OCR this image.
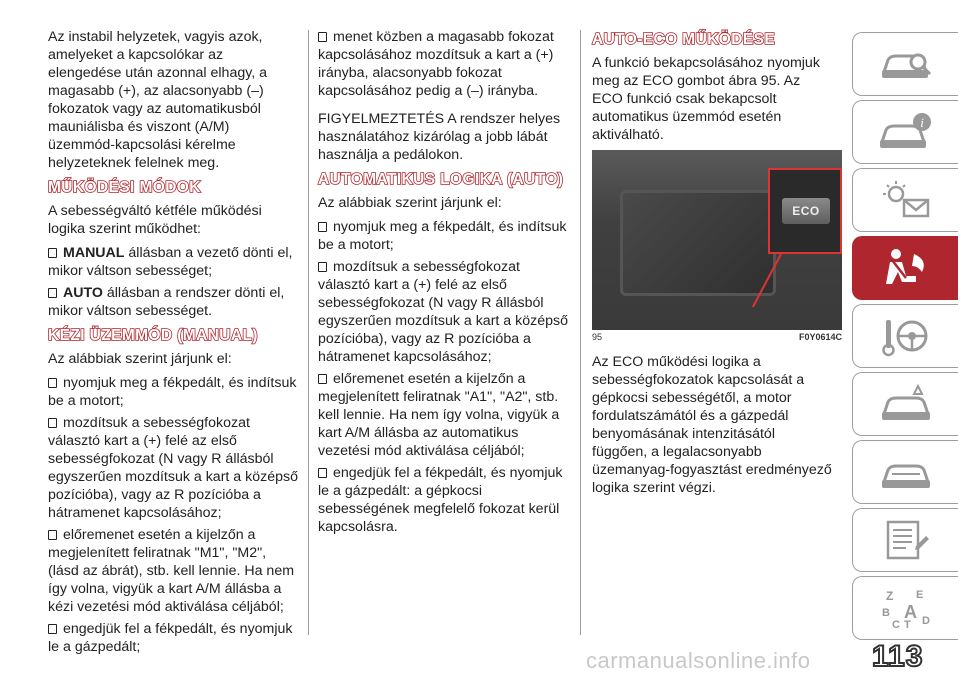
Az instabil helyzetek, vagyis azok, amelyeket a kapcsolókar az elengedése után azonnal elhagy, a magasabb (+), az alacsonyabb (–) fokozatok vagy az automatikusból mauniálisba és viszont (A/M) üzemmód-kapcsolási kérelme helyzeteknek felelnek meg.

MŰKÖDÉSI MÓDOK

A sebességváltó kétféle működési logika szerint működhet:

MANUAL állásban a vezető dönti el, mikor váltson sebességet;

AUTO állásban a rendszer dönti el, mikor váltson sebességet.

KÉZI ÜZEMMÓD (MANUAL)

Az alábbiak szerint járjunk el:

nyomjuk meg a fékpedált, és indítsuk be a motort;

mozdítsuk a sebességfokozat választó kart a (+) felé az első sebességfokozat (N vagy R állásból egyszerűen mozdítsuk a kart a középső pozícióba), vagy az R pozícióba a hátramenet kapcsolásához;

előremenet esetén a kijelzőn a megjelenített feliratnak "M1", "M2", (lásd az ábrát), stb. kell lennie. Ha nem így volna, vigyük a kart A/M állásba a kézi vezetési mód aktiválása céljából;

engedjük fel a fékpedált, és nyomjuk le a gázpedált;

menet közben a magasabb fokozat kapcsolásához mozdítsuk a kart a (+) irányba, alacsonyabb fokozat kapcsolásához pedig a (–) irányba.

FIGYELMEZTETÉS A rendszer helyes használatához kizárólag a jobb lábát használja a pedálokon.

AUTOMATIKUS LOGIKA (AUTO)

Az alábbiak szerint járjunk el:

nyomjuk meg a fékpedált, és indítsuk be a motort;

mozdítsuk a sebességfokozat választó kart a (+) felé az első sebességfokozat (N vagy R állásból egyszerűen mozdítsuk a kart a középső pozícióba), vagy az R pozícióba a hátramenet kapcsolásához;

előremenet esetén a kijelzőn a megjelenített feliratnak "A1", "A2", stb. kell lennie. Ha nem így volna, vigyük a kart A/M állásba az automatikus vezetési mód aktiválása céljából;

engedjük fel a fékpedált, és nyomjuk le a gázpedált: a gépkocsi sebességének megfelelő fokozat kerül kapcsolásra.

AUTO-ECO MŰKÖDÉSE

A funkció bekapcsolásához nyomjuk meg az ECO gombot ábra 95. Az ECO funkció csak bekapcsolt automatikus üzemmód esetén aktiválható.

ECO
95	F0Y0614C

Az ECO működési logika a sebességfokozatok kapcsolását a gépkocsi sebességétől, a motor fordulatszámától és a gázpedál benyomásának intenzitásától függően, a legalacsonyabb üzemanyag-fogyasztást eredményező logika szerint végzi.

i
Z E
B A
C T D
carmanualsonline.info 113
